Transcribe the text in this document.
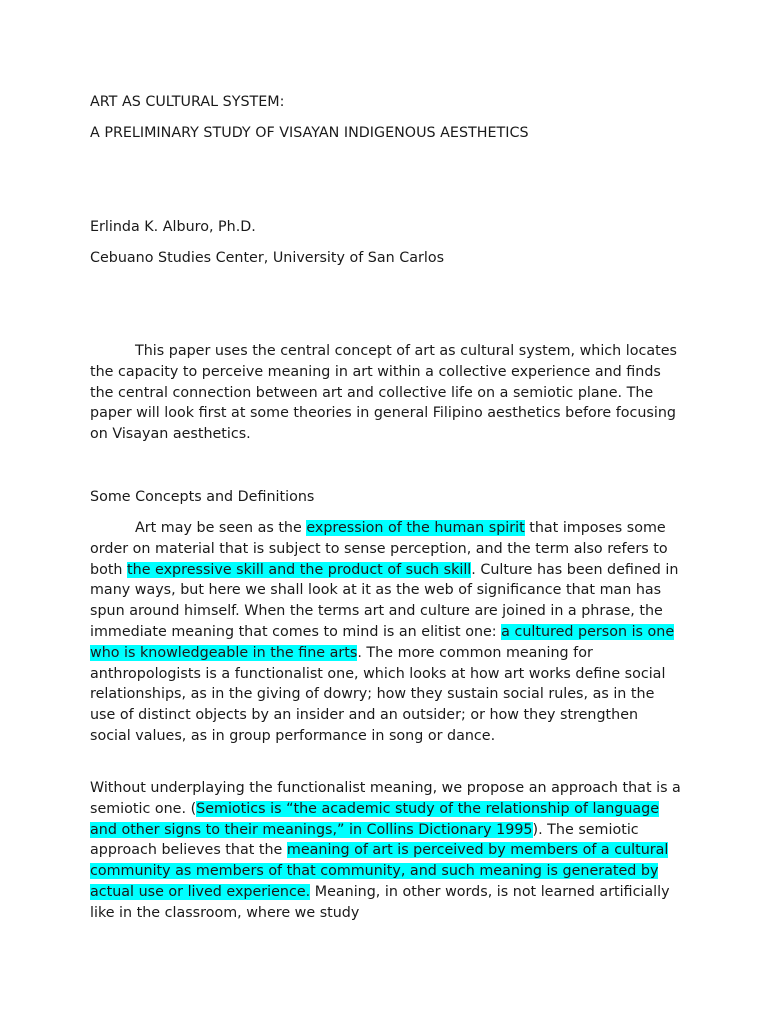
ART AS CULTURAL SYSTEM:

A PRELIMINARY STUDY OF VISAYAN INDIGENOUS AESTHETICS

Erlinda K. Alburo, Ph.D.

Cebuano Studies Center, University of San Carlos

This paper uses the central concept of art as cultural system, which locates the capacity to perceive meaning in art within a collective experience and finds the central connection between art and collective life on a semiotic plane. The paper will look first at some theories in general Filipino aesthetics before focusing on Visayan aesthetics.

Some Concepts and Definitions

Art may be seen as the expression of the human spirit that imposes some order on material that is subject to sense perception, and the term also refers to both the expressive skill and the product of such skill. Culture has been defined in many ways, but here we shall look at it as the web of significance that man has spun around himself. When the terms art and culture are joined in a phrase, the immediate meaning that comes to mind is an elitist one: a cultured person is one who is knowledgeable in the fine arts. The more common meaning for anthropologists is a functionalist one, which looks at how art works define social relationships, as in the giving of dowry; how they sustain social rules, as in the use of distinct objects by an insider and an outsider; or how they strengthen social values, as in group performance in song or dance.

Without underplaying the functionalist meaning, we propose an approach that is a semiotic one. (Semiotics is “the academic study of the relationship of language and other signs to their meanings,” in Collins Dictionary 1995). The semiotic approach believes that the meaning of art is perceived by members of a cultural community as members of that community, and such meaning is generated by actual use or lived experience. Meaning, in other words, is not learned artificially like in the classroom, where we study
